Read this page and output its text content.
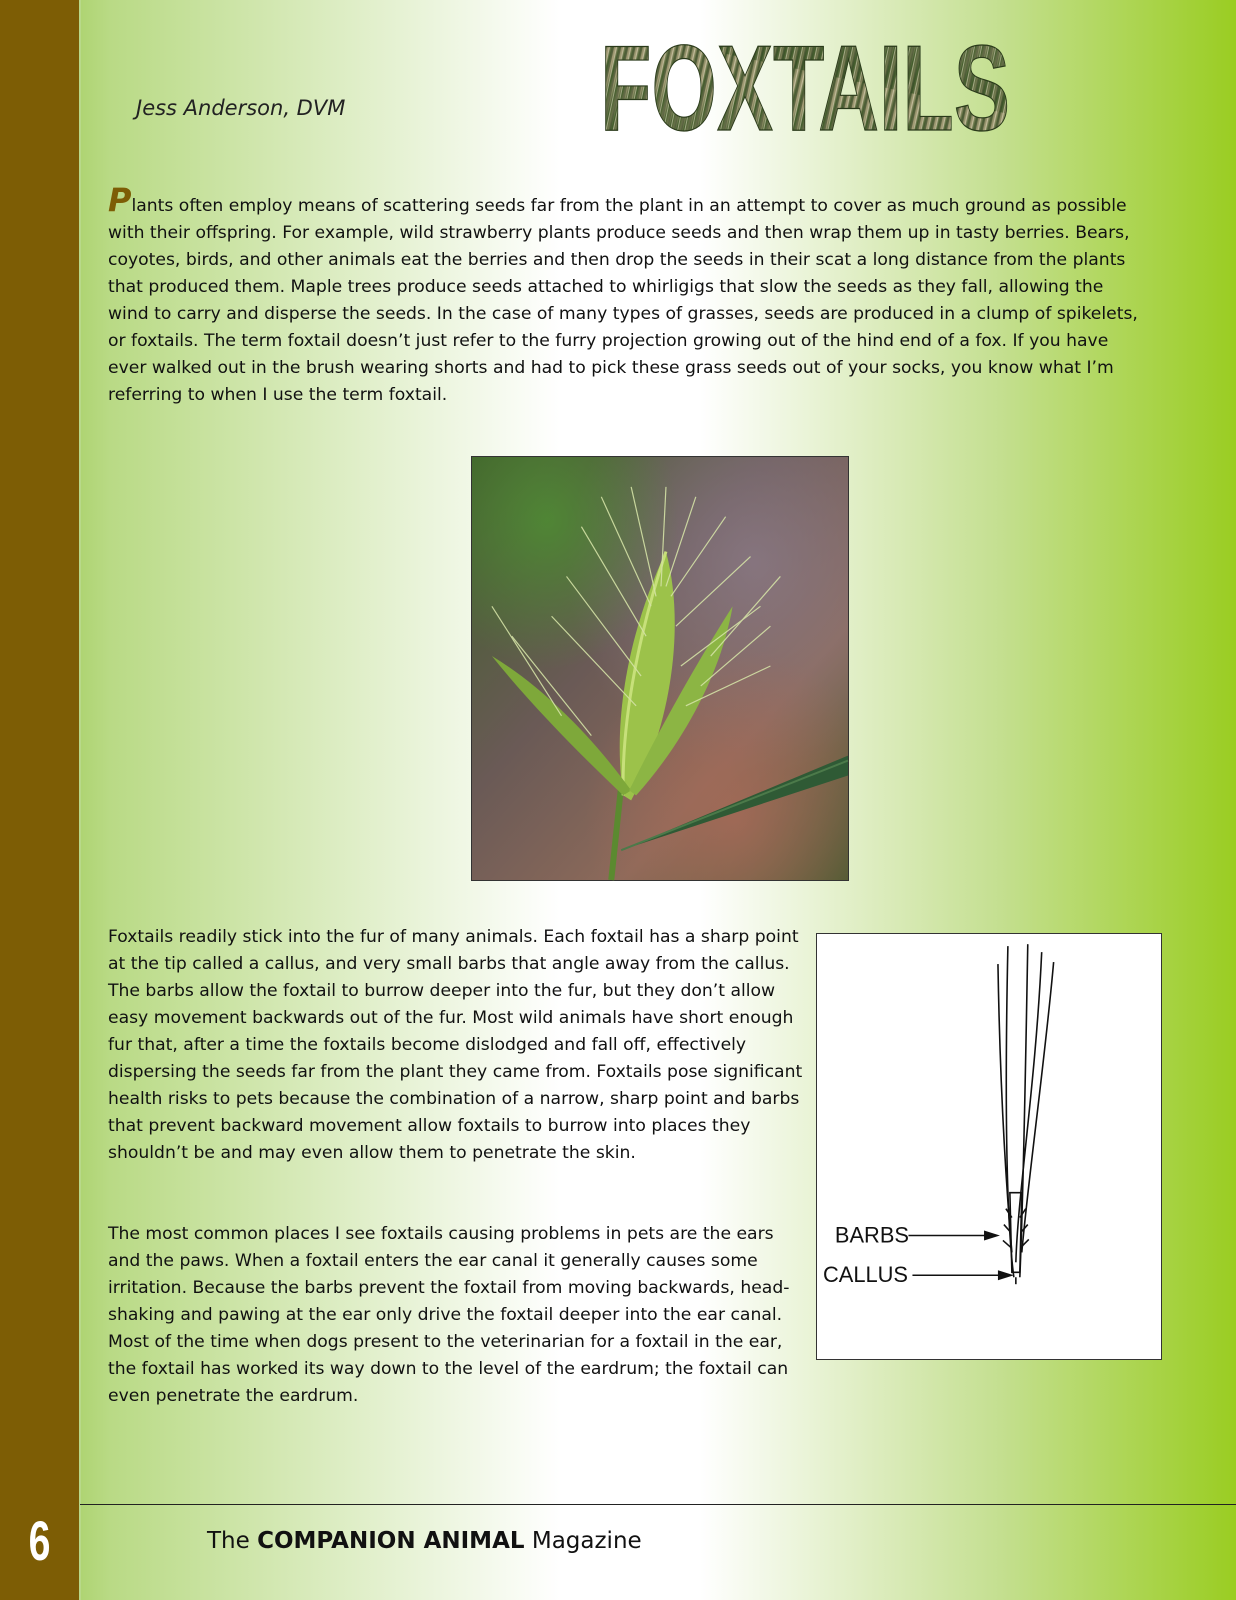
6
Jess Anderson, DVM FOXTAILS

Plants often employ means of scattering seeds far from the plant in an attempt to cover as much ground as possible with their offspring. For example, wild strawberry plants produce seeds and then wrap them up in tasty berries. Bears, coyotes, birds, and other animals eat the berries and then drop the seeds in their scat a long distance from the plants that produced them. Maple trees produce seeds attached to whirligigs that slow the seeds as they fall, allowing the wind to carry and disperse the seeds. In the case of many types of grasses, seeds are produced in a clump of spikelets, or foxtails. The term foxtail doesn’t just refer to the furry projection growing out of the hind end of a fox. If you have ever walked out in the brush wearing shorts and had to pick these grass seeds out of your socks, you know what I’m referring to when I use the term foxtail.

Foxtails readily stick into the fur of many animals. Each foxtail has a sharp point at the tip called a callus, and very small barbs that angle away from the callus. The barbs allow the foxtail to burrow deeper into the fur, but they don’t allow easy movement backwards out of the fur. Most wild animals have short enough fur that, after a time the foxtails become dislodged and fall off, effectively dispersing the seeds far from the plant they came from. Foxtails pose significant health risks to pets because the combination of a narrow, sharp point and barbs that prevent backward movement allow foxtails to burrow into places they shouldn’t be and may even allow them to penetrate the skin.

The most common places I see foxtails causing problems in pets are the ears and the paws. When a foxtail enters the ear canal it generally causes some irritation. Because the barbs prevent the foxtail from moving backwards, head-shaking and pawing at the ear only drive the foxtail deeper into the ear canal. Most of the time when dogs present to the veterinarian for a foxtail in the ear, the foxtail has worked its way down to the level of the eardrum; the foxtail can even penetrate the eardrum.

BARBS
CALLUS
The COMPANION ANIMAL Magazine
